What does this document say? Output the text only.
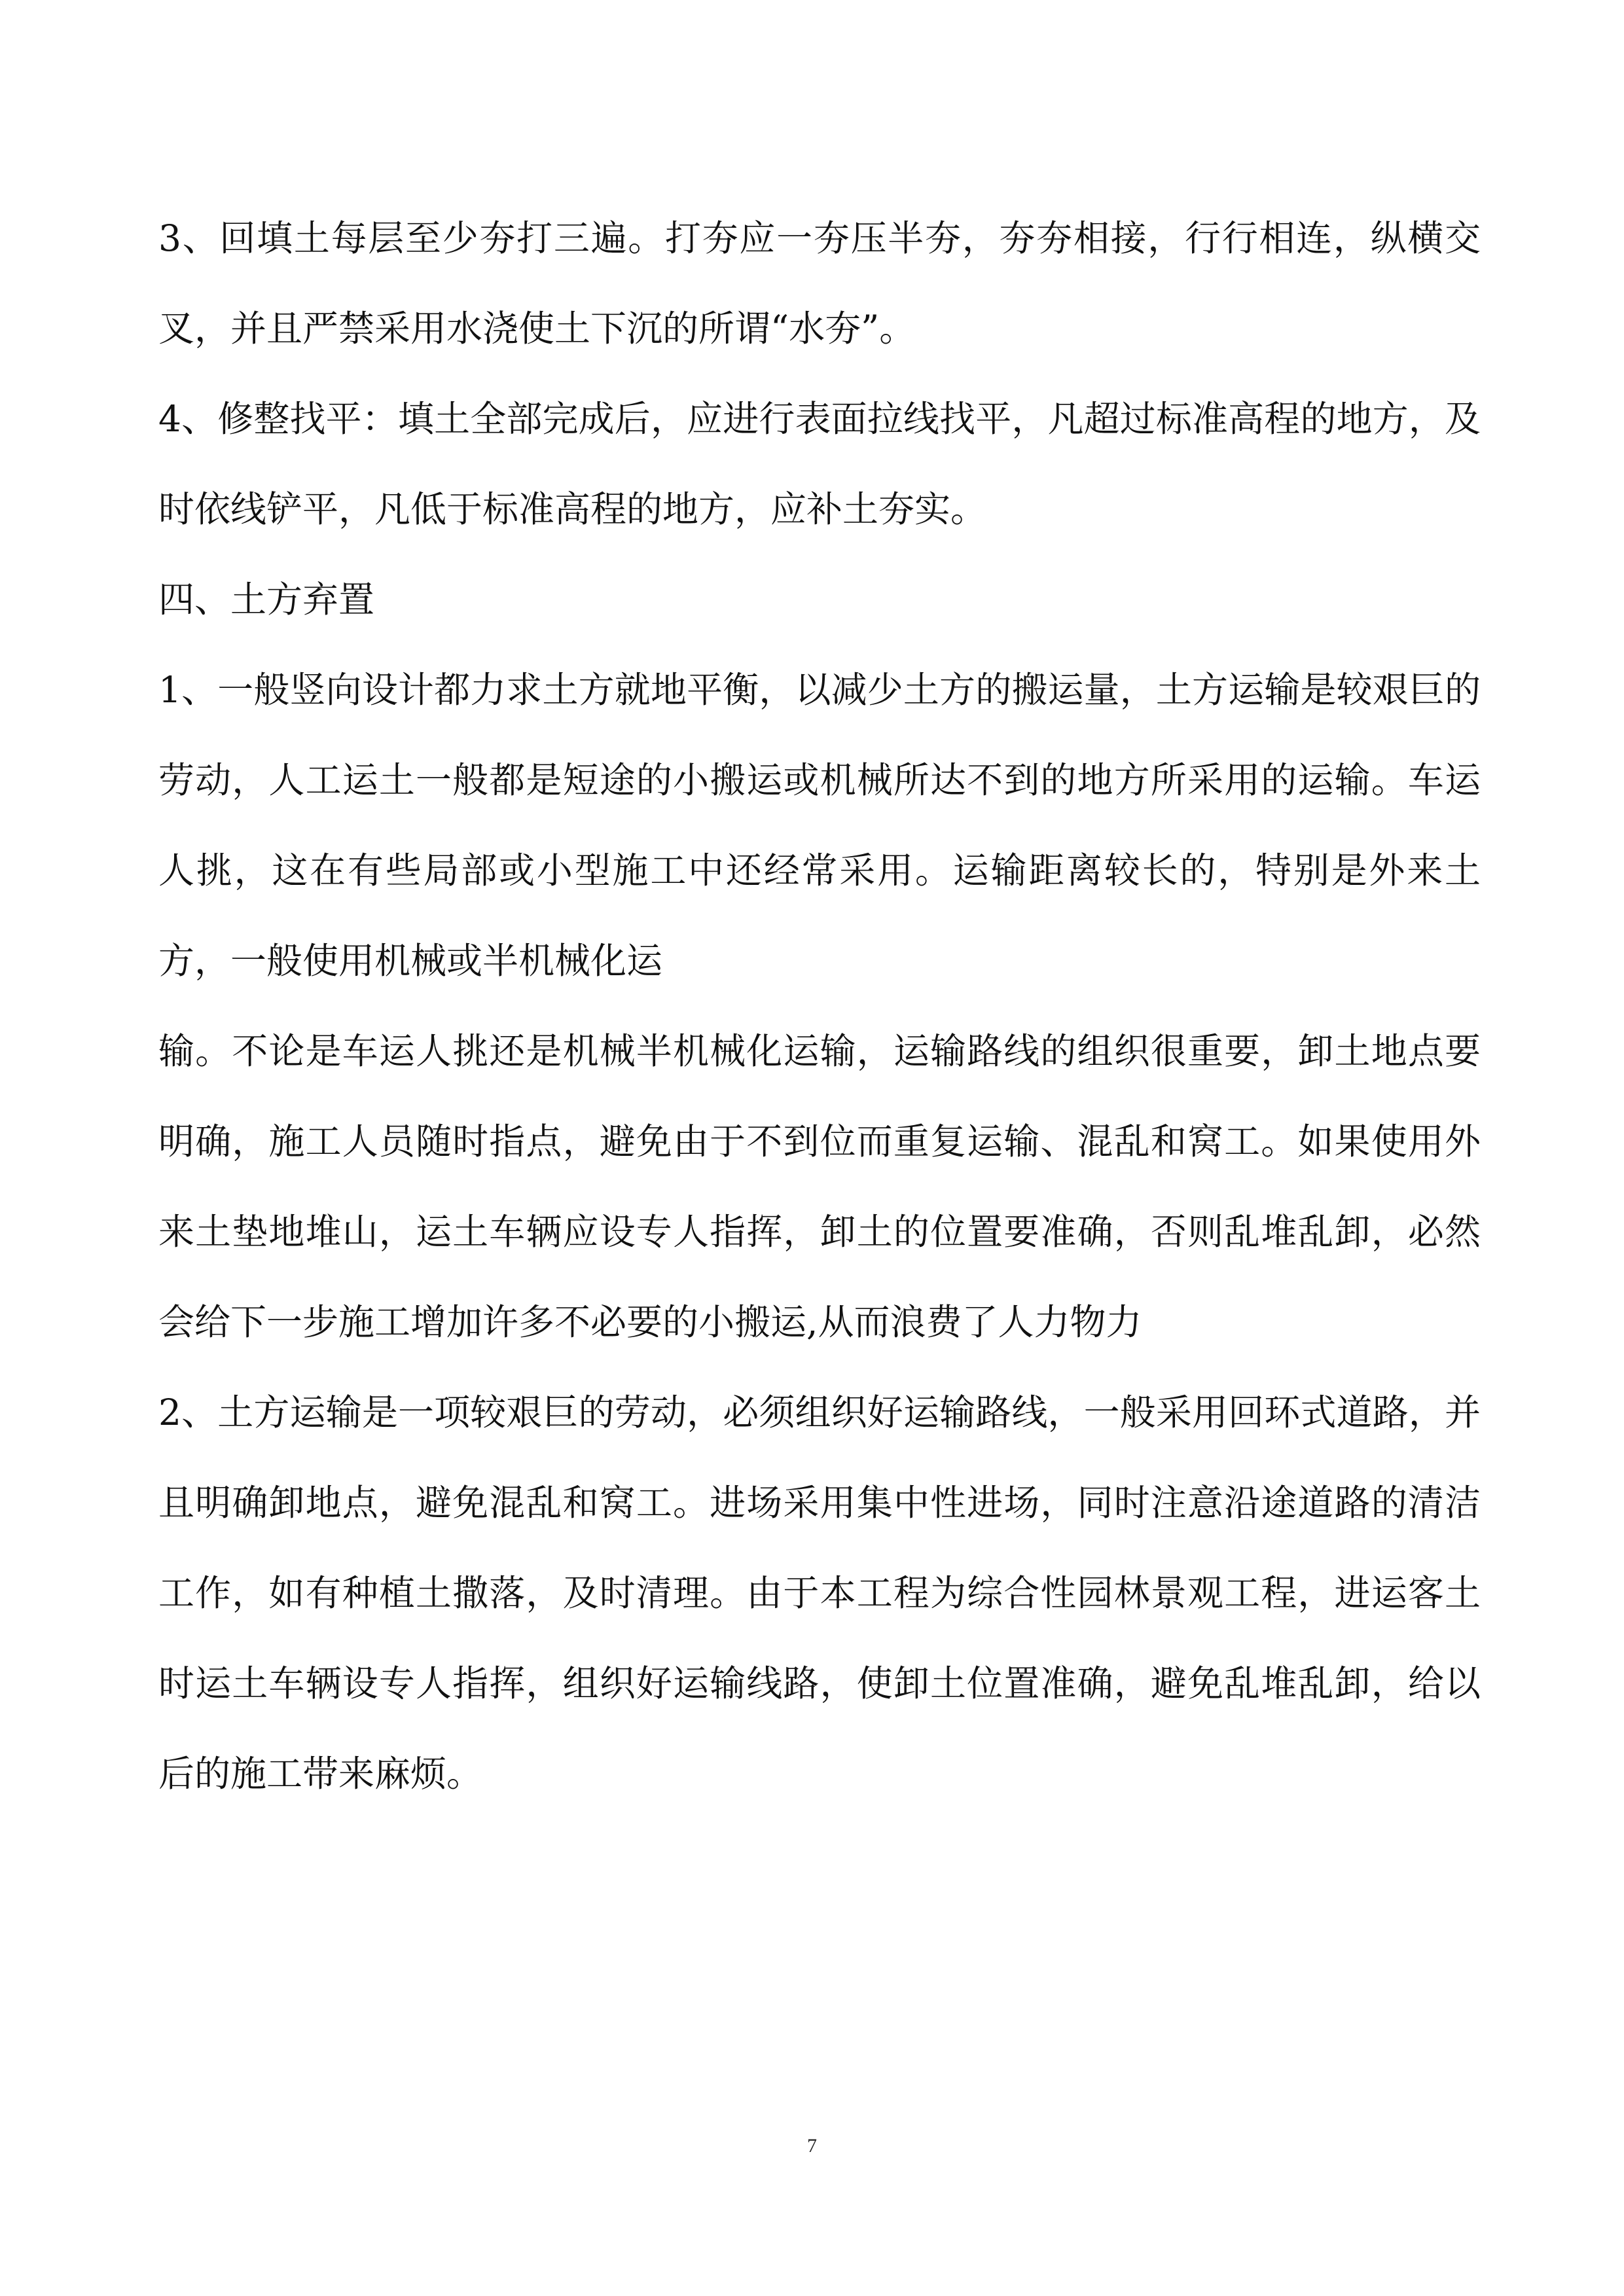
3、回填土每层至少夯打三遍。打夯应一夯压半夯，夯夯相接，行行相连，纵横交叉，并且严禁采用水浇使土下沉的所谓“水夯”。

4、修整找平：填土全部完成后，应进行表面拉线找平，凡超过标准高程的地方，及时依线铲平，凡低于标准高程的地方，应补土夯实。

四、土方弃置

1、一般竖向设计都力求土方就地平衡，以减少土方的搬运量，土方运输是较艰巨的劳动，人工运土一般都是短途的小搬运或机械所达不到的地方所采用的运输。车运人挑，这在有些局部或小型施工中还经常采用。运输距离较长的，特别是外来土方，一般使用机械或半机械化运

输。不论是车运人挑还是机械半机械化运输，运输路线的组织很重要，卸土地点要明确，施工人员随时指点，避免由于不到位而重复运输、混乱和窝工。如果使用外来土垫地堆山，运土车辆应设专人指挥，卸土的位置要准确，否则乱堆乱卸，必然会给下一步施工增加许多不必要的小搬运,从而浪费了人力物力

2、土方运输是一项较艰巨的劳动，必须组织好运输路线，一般采用回环式道路，并且明确卸地点，避免混乱和窝工。进场采用集中性进场，同时注意沿途道路的清洁工作，如有种植土撒落，及时清理。由于本工程为综合性园林景观工程，进运客土时运土车辆设专人指挥，组织好运输线路，使卸土位置准确，避免乱堆乱卸，给以后的施工带来麻烦。

7
